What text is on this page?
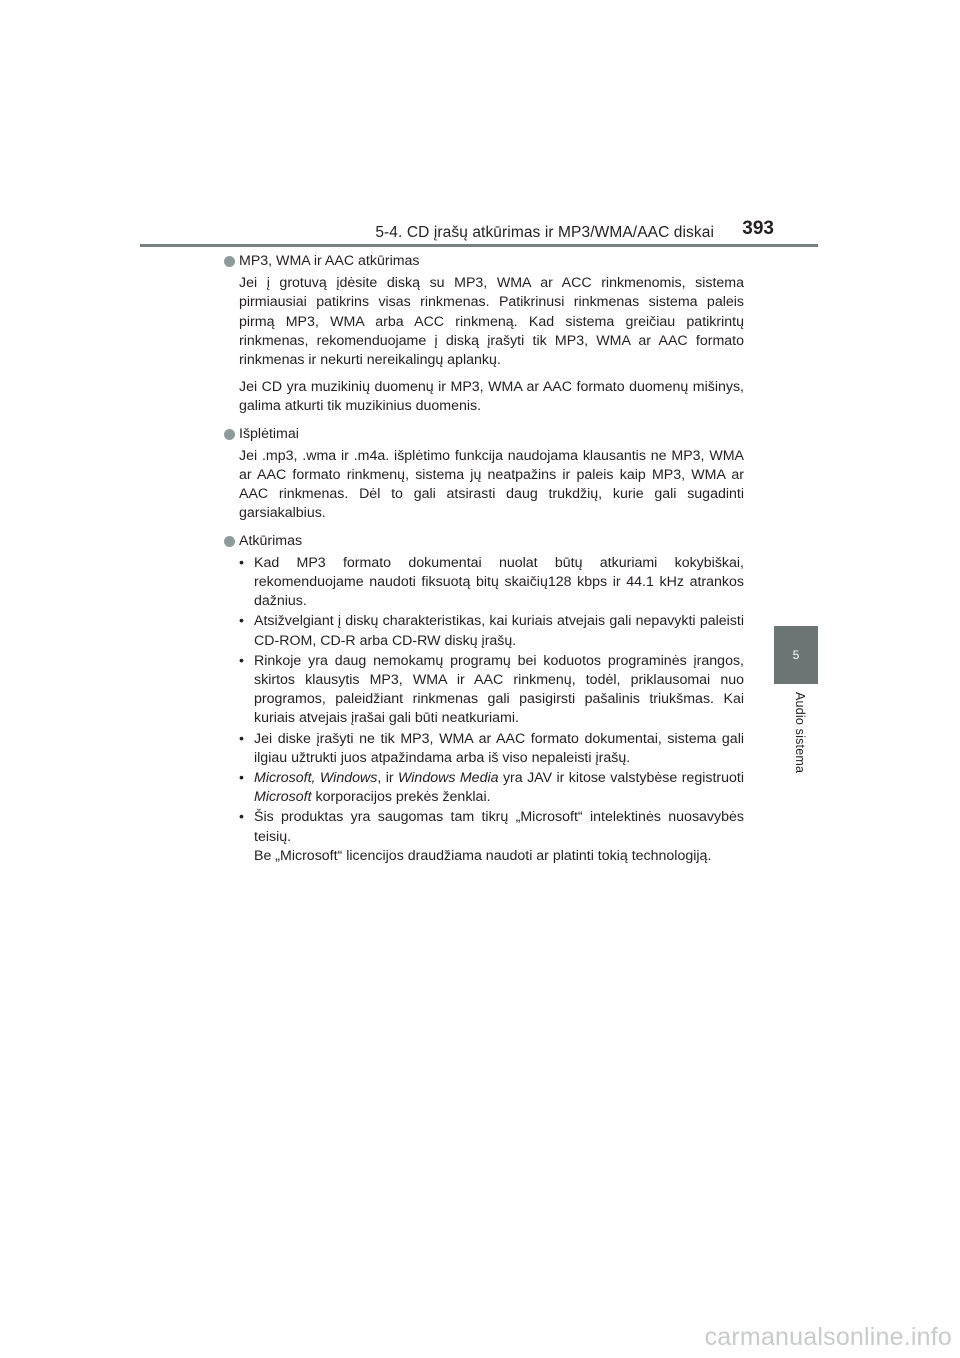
5-4. CD įrašų atkūrimas ir MP3/WMA/AAC diskai 393
5
Audio sistema
MP3, WMA ir AAC atkūrimas

Jei į grotuvą įdėsite diską su MP3, WMA ar ACC rinkmenomis, sistema pirmiausiai patikrins visas rinkmenas. Patikrinusi rinkmenas sistema paleis pirmą MP3, WMA arba ACC rinkmeną. Kad sistema greičiau patikrintų rinkmenas, rekomenduojame į diską įrašyti tik MP3, WMA ar AAC formato rinkmenas ir nekurti nereikalingų aplankų.

Jei CD yra muzikinių duomenų ir MP3, WMA ar AAC formato duomenų mišinys, galima atkurti tik muzikinius duomenis.

Išplėtimai

Jei .mp3, .wma ir .m4a. išplėtimo funkcija naudojama klausantis ne MP3, WMA ar AAC formato rinkmenų, sistema jų neatpažins ir paleis kaip MP3, WMA ar AAC rinkmenas. Dėl to gali atsirasti daug trukdžių, kurie gali sugadinti garsiakalbius.

Atkūrimas
• Kad MP3 formato dokumentai nuolat būtų atkuriami kokybiškai, rekomenduojame naudoti fiksuotą bitų skaičių128 kbps ir 44.1 kHz atrankos dažnius.
• Atsižvelgiant į diskų charakteristikas, kai kuriais atvejais gali nepavykti paleisti CD-ROM, CD-R arba CD-RW diskų įrašų.
• Rinkoje yra daug nemokamų programų bei koduotos programinės įrangos, skirtos klausytis MP3, WMA ir AAC rinkmenų, todėl, priklausomai nuo programos, paleidžiant rinkmenas gali pasigirsti pašalinis triukšmas. Kai kuriais atvejais įrašai gali būti neatkuriami.
• Jei diske įrašyti ne tik MP3, WMA ar AAC formato dokumentai, sistema gali ilgiau užtrukti juos atpažindama arba iš viso nepaleisti įrašų.
• Microsoft, Windows, ir Windows Media yra JAV ir kitose valstybėse registruoti Microsoft korporacijos prekės ženklai.
• Šis produktas yra saugomas tam tikrų „Microsoft“ intelektinės nuosavybės teisių.
Be „Microsoft“ licencijos draudžiama naudoti ar platinti tokią technologiją.
carmanualsonline.info
